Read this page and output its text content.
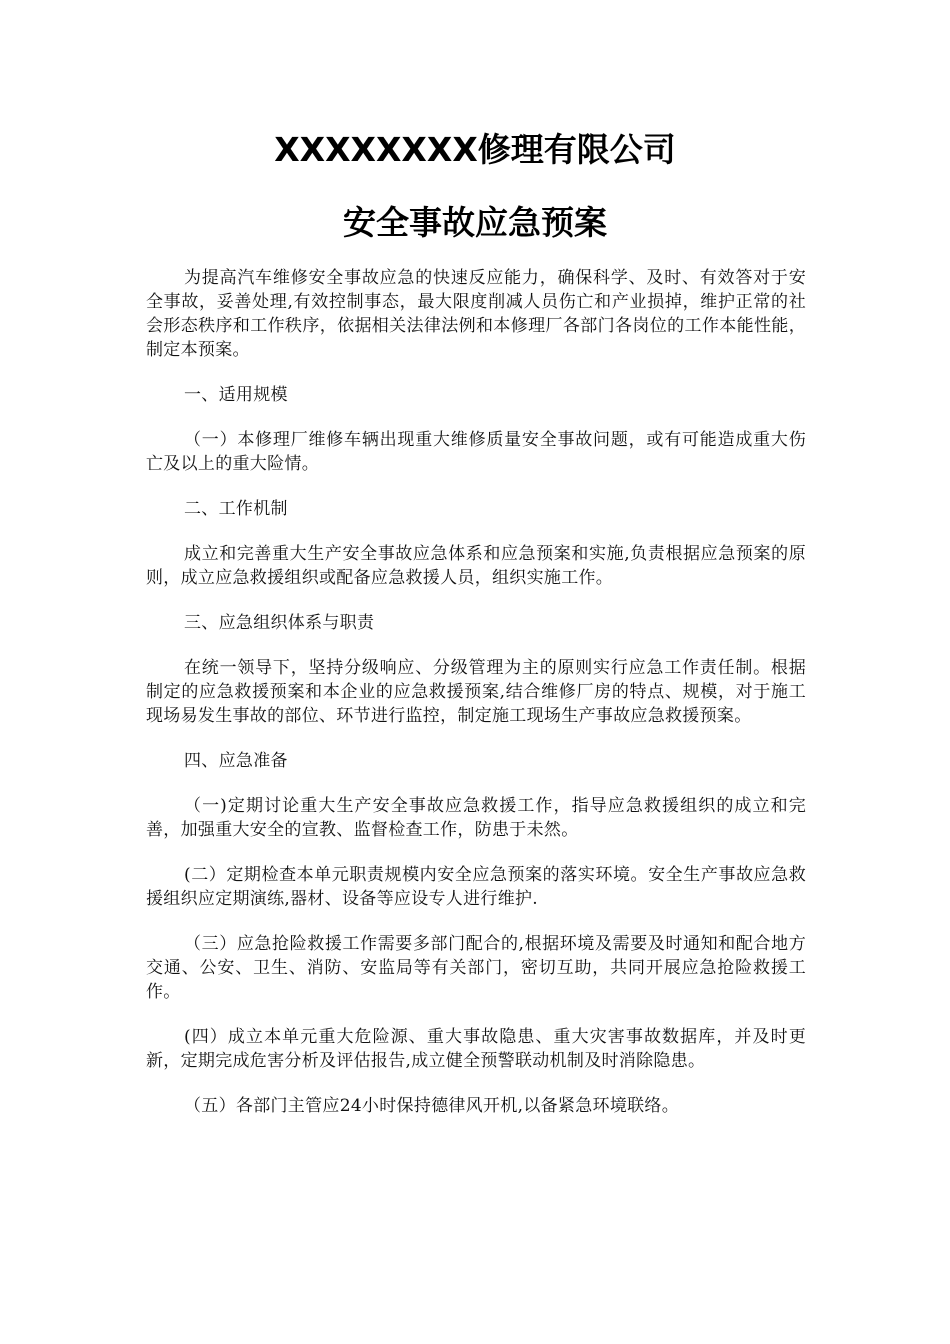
XXXXXXXX修理有限公司
安全事故应急预案

为提高汽车维修安全事故应急的快速反应能力，确保科学、及时、有效答对于安全事故，妥善处理,有效控制事态，最大限度削减人员伤亡和产业损掉，维护正常的社会形态秩序和工作秩序，依据相关法律法例和本修理厂各部门各岗位的工作本能性能，制定本预案。

一、适用规模

（一）本修理厂维修车辆出现重大维修质量安全事故问题，或有可能造成重大伤亡及以上的重大险情。

二、工作机制

成立和完善重大生产安全事故应急体系和应急预案和实施,负责根据应急预案的原则，成立应急救援组织或配备应急救援人员，组织实施工作。

三、应急组织体系与职责

在统一领导下，坚持分级响应、分级管理为主的原则实行应急工作责任制。根据制定的应急救援预案和本企业的应急救援预案,结合维修厂房的特点、规模，对于施工现场易发生事故的部位、环节进行监控，制定施工现场生产事故应急救援预案。

四、应急准备

（一)定期讨论重大生产安全事故应急救援工作，指导应急救援组织的成立和完善，加强重大安全的宣教、监督检查工作，防患于未然。

(二）定期检查本单元职责规模内安全应急预案的落实环境。安全生产事故应急救援组织应定期演练,器材、设备等应设专人进行维护.

（三）应急抢险救援工作需要多部门配合的,根据环境及需要及时通知和配合地方交通、公安、卫生、消防、安监局等有关部门，密切互助，共同开展应急抢险救援工作。

(四）成立本单元重大危险源、重大事故隐患、重大灾害事故数据库，并及时更新，定期完成危害分析及评估报告,成立健全预警联动机制及时消除隐患。

（五）各部门主管应24小时保持德律风开机,以备紧急环境联络。
